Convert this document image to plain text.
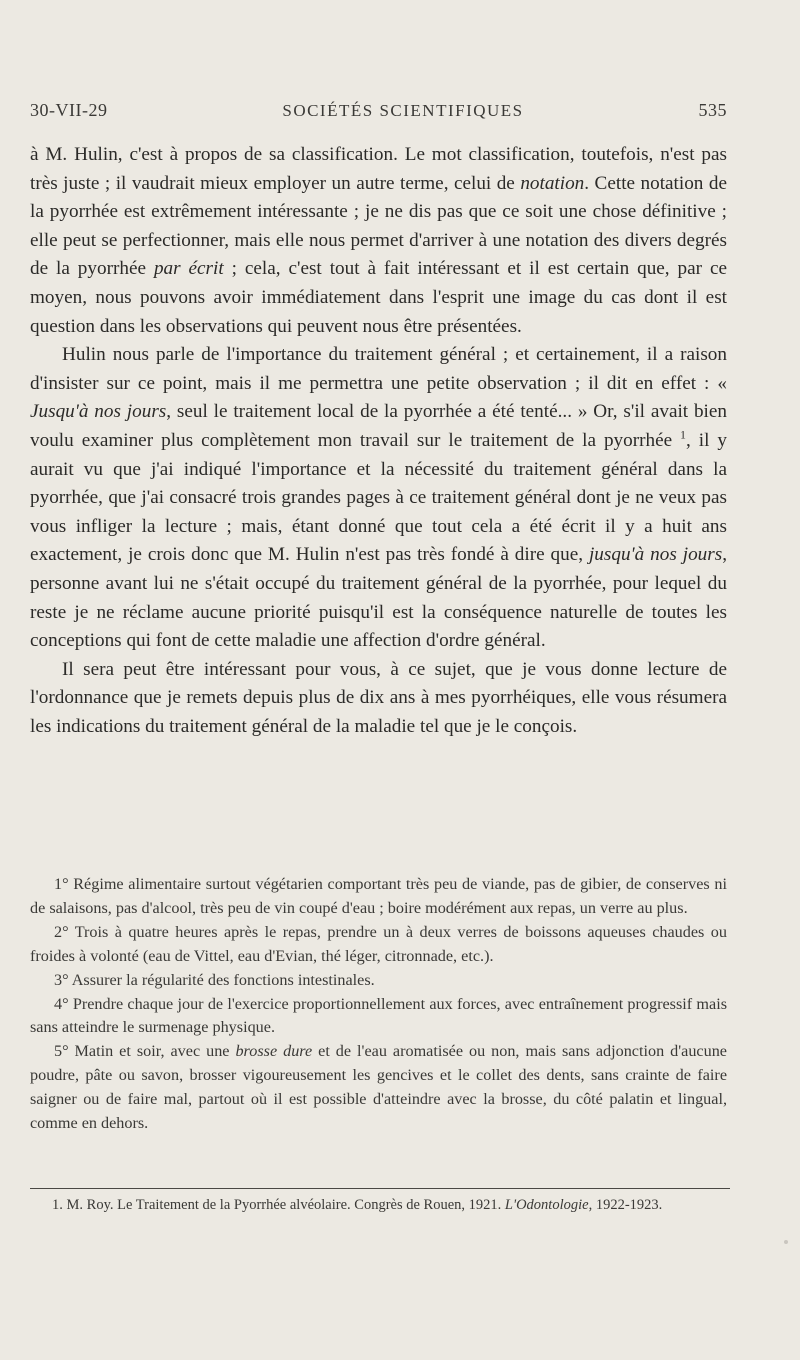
30-VII-29	SOCIÉTÉS SCIENTIFIQUES	535

à M. Hulin, c'est à propos de sa classification. Le mot classification, toutefois, n'est pas très juste ; il vaudrait mieux employer un autre terme, celui de notation. Cette notation de la pyorrhée est extrêmement intéressante ; je ne dis pas que ce soit une chose définitive ; elle peut se perfectionner, mais elle nous permet d'arriver à une notation des divers degrés de la pyorrhée par écrit ; cela, c'est tout à fait intéressant et il est certain que, par ce moyen, nous pouvons avoir immédiatement dans l'esprit une image du cas dont il est question dans les observations qui peuvent nous être présentées.

Hulin nous parle de l'importance du traitement général ; et certainement, il a raison d'insister sur ce point, mais il me permettra une petite observation ; il dit en effet : « Jusqu'à nos jours, seul le traitement local de la pyorrhée a été tenté... » Or, s'il avait bien voulu examiner plus complètement mon travail sur le traitement de la pyorrhée $^1$, il y aurait vu que j'ai indiqué l'importance et la nécessité du traitement général dans la pyorrhée, que j'ai consacré trois grandes pages à ce traitement général dont je ne veux pas vous infliger la lecture ; mais, étant donné que tout cela a été écrit il y a huit ans exactement, je crois donc que M. Hulin n'est pas très fondé à dire que, jusqu'à nos jours, personne avant lui ne s'était occupé du traitement général de la pyorrhée, pour lequel du reste je ne réclame aucune priorité puisqu'il est la conséquence naturelle de toutes les conceptions qui font de cette maladie une affection d'ordre général.

Il sera peut être intéressant pour vous, à ce sujet, que je vous donne lecture de l'ordonnance que je remets depuis plus de dix ans à mes pyorrhéiques, elle vous résumera les indications du traitement général de la maladie tel que je le conçois.

1° Régime alimentaire surtout végétarien comportant très peu de viande, pas de gibier, de conserves ni de salaisons, pas d'alcool, très peu de vin coupé d'eau ; boire modérément aux repas, un verre au plus.

2° Trois à quatre heures après le repas, prendre un à deux verres de boissons aqueuses chaudes ou froides à volonté (eau de Vittel, eau d'Evian, thé léger, citronnade, etc.).

3° Assurer la régularité des fonctions intestinales.

4° Prendre chaque jour de l'exercice proportionnellement aux forces, avec entraînement progressif mais sans atteindre le surmenage physique.

5° Matin et soir, avec une brosse dure et de l'eau aromatisée ou non, mais sans adjonction d'aucune poudre, pâte ou savon, brosser vigoureusement les gencives et le collet des dents, sans crainte de faire saigner ou de faire mal, partout où il est possible d'atteindre avec la brosse, du côté palatin et lingual, comme en dehors.

1. M. Roy. Le Traitement de la Pyorrhée alvéolaire. Congrès de Rouen, 1921. L'Odontologie, 1922-1923.
